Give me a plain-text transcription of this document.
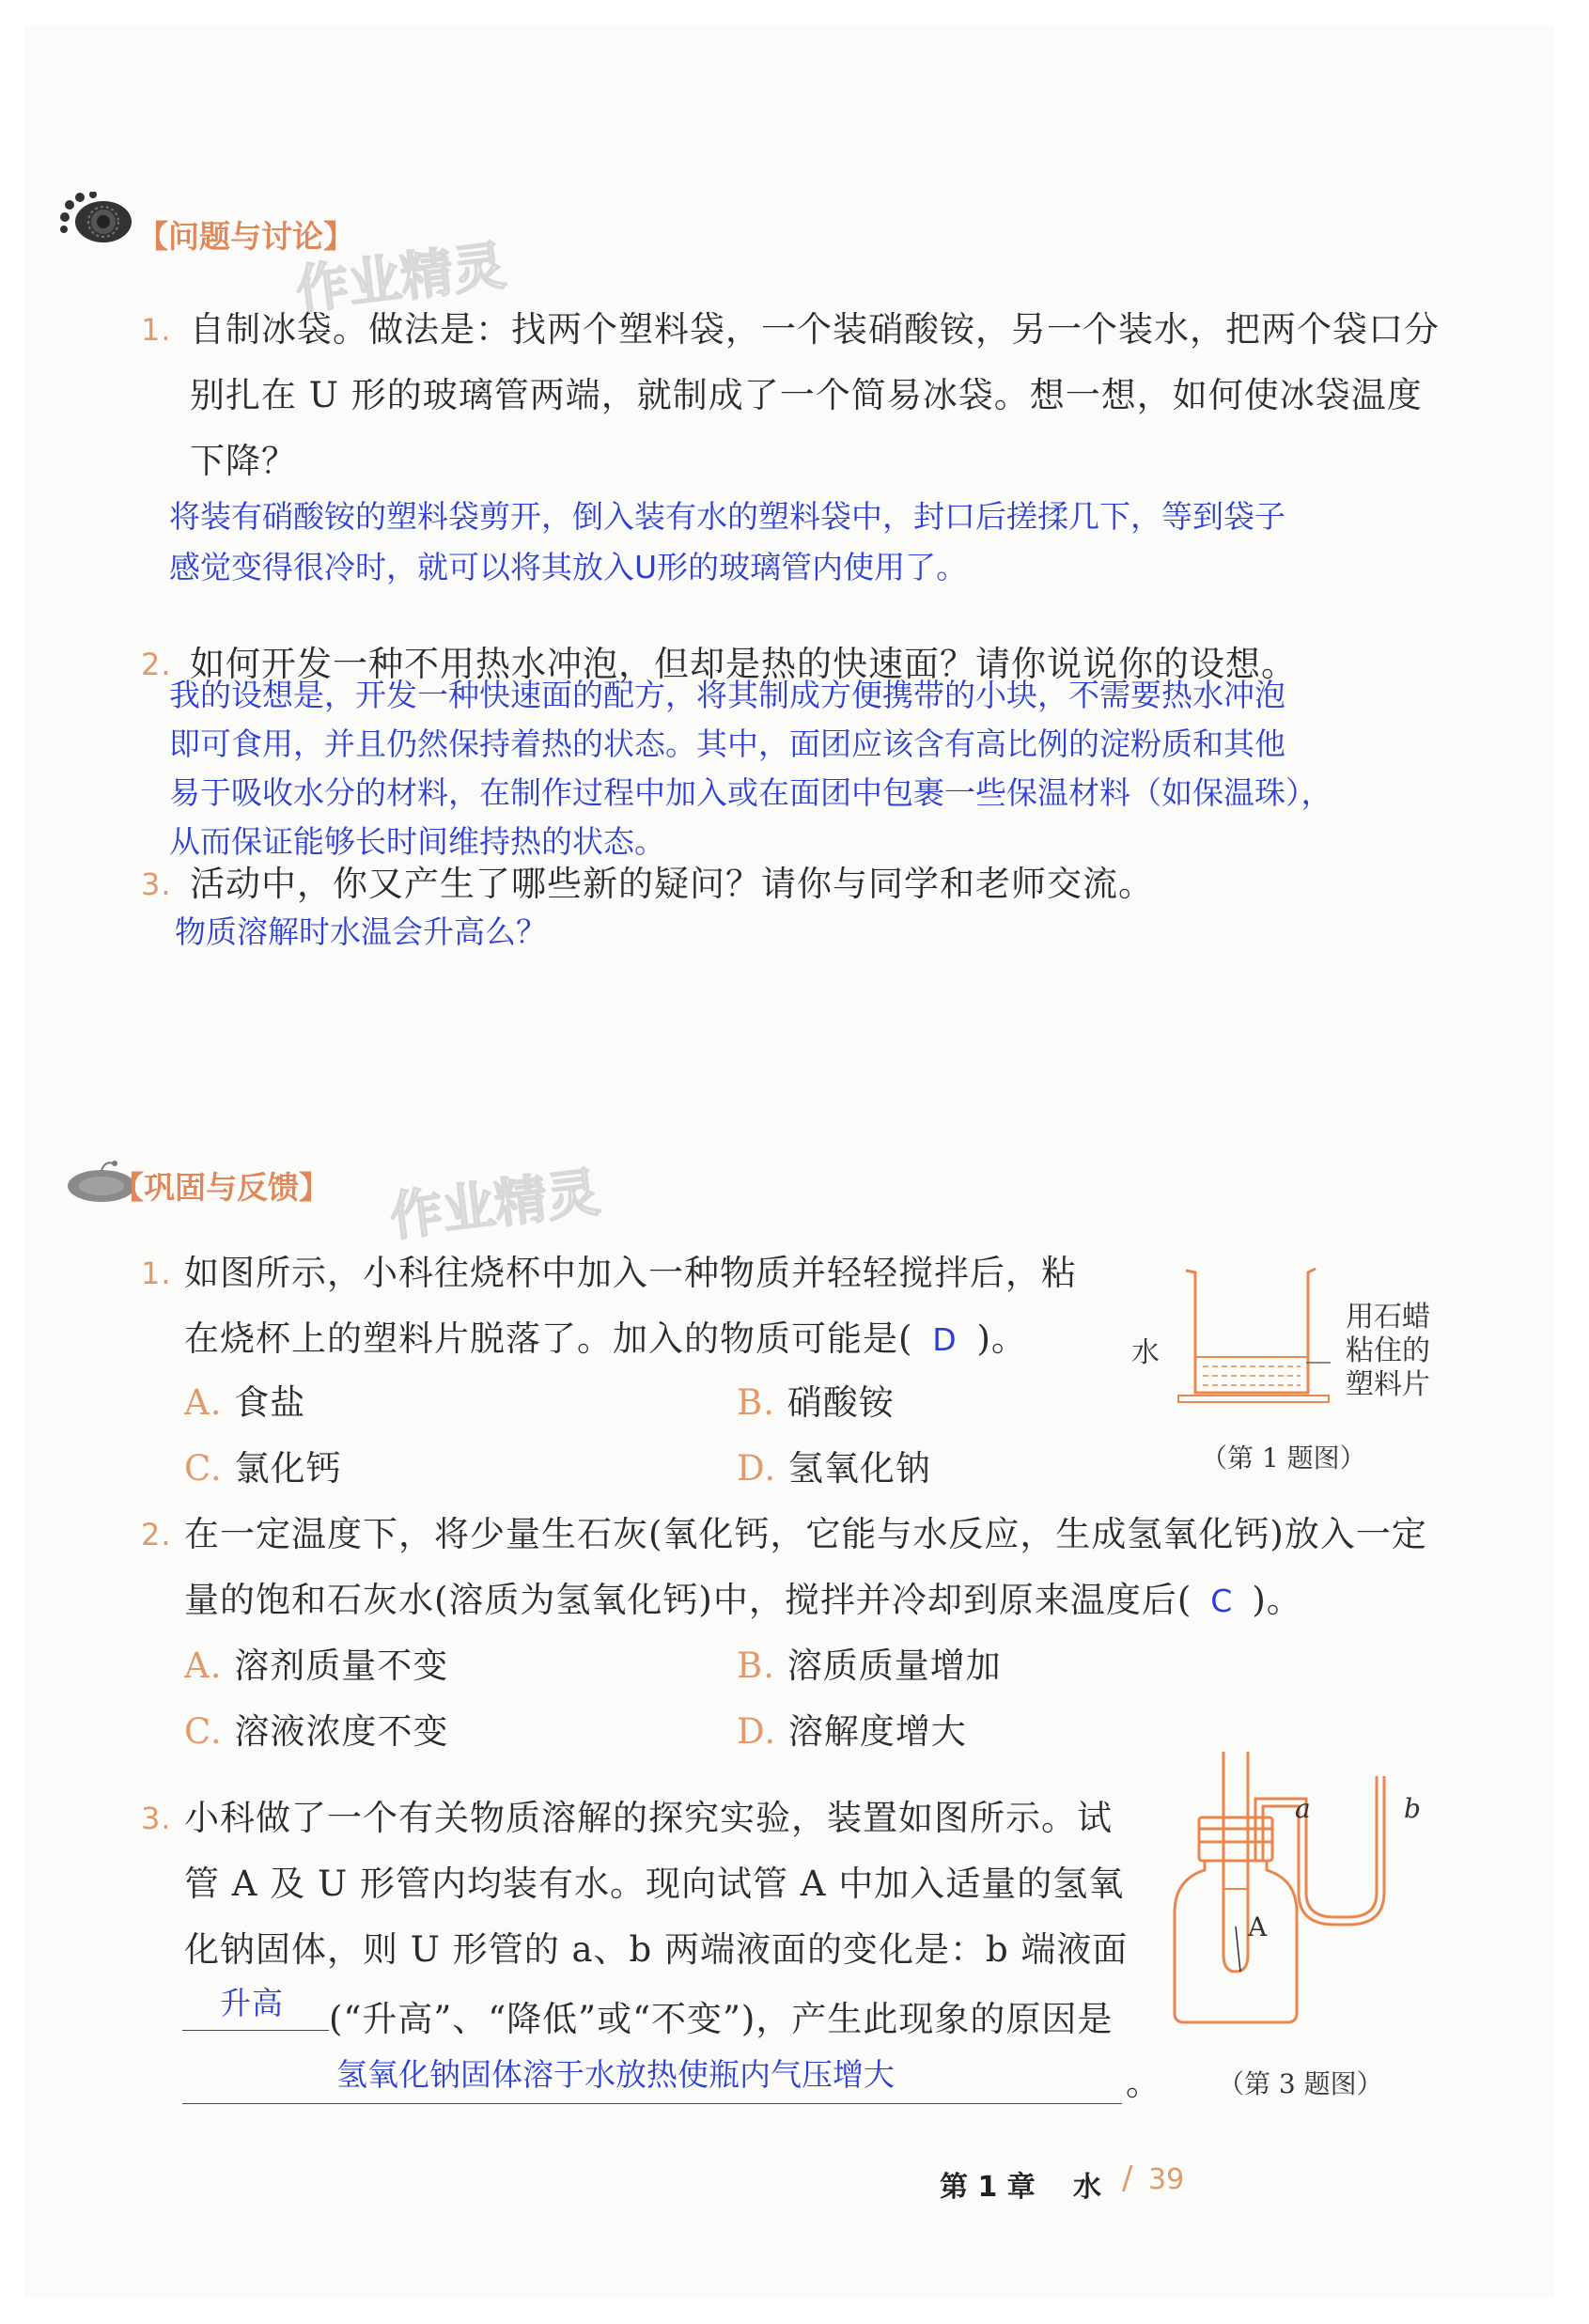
【问题与讨论】
作业精灵
1. 自制冰袋。做法是：找两个塑料袋，一个装硝酸铵，另一个装水，把两个袋口分
别扎在 U 形的玻璃管两端，就制成了一个简易冰袋。想一想，如何使冰袋温度
下降？
将装有硝酸铵的塑料袋剪开，倒入装有水的塑料袋中，封口后搓揉几下，等到袋子
感觉变得很冷时，就可以将其放入U形的玻璃管内使用了。
2. 如何开发一种不用热水冲泡，但却是热的快速面？请你说说你的设想。
我的设想是，开发一种快速面的配方，将其制成方便携带的小块，不需要热水冲泡
即可食用，并且仍然保持着热的状态。其中，面团应该含有高比例的淀粉质和其他
易于吸收水分的材料，在制作过程中加入或在面团中包裹一些保温材料（如保温珠），
从而保证能够长时间维持热的状态。
3. 活动中，你又产生了哪些新的疑问？请你与同学和老师交流。
物质溶解时水温会升高么？
【巩固与反馈】 作业精灵
1. 如图所示，小科往烧杯中加入一种物质并轻轻搅拌后，粘
在烧杯上的塑料片脱落了。加入的物质可能是( D )。
A. 食盐	B. 硝酸铵
C. 氯化钙	D. 氢氧化钠
水
用石蜡
粘住的
塑料片
（第 1 题图）
2. 在一定温度下，将少量生石灰(氧化钙，它能与水反应，生成氢氧化钙)放入一定
量的饱和石灰水(溶质为氢氧化钙)中，搅拌并冷却到原来温度后( C )。
A. 溶剂质量不变	B. 溶质质量增加
C. 溶液浓度不变	D. 溶解度增大
3. 小科做了一个有关物质溶解的探究实验，装置如图所示。试
管 A 及 U 形管内均装有水。现向试管 A 中加入适量的氢氧
化钠固体，则 U 形管的 a、b 两端液面的变化是：b 端液面
升高 (“升高”、“降低”或“不变”)，产生此现象的原因是
氢氧化钠固体溶于水放热使瓶内气压增大	。
a	b
A
（第 3 题图）
第 1 章 水 / 39
